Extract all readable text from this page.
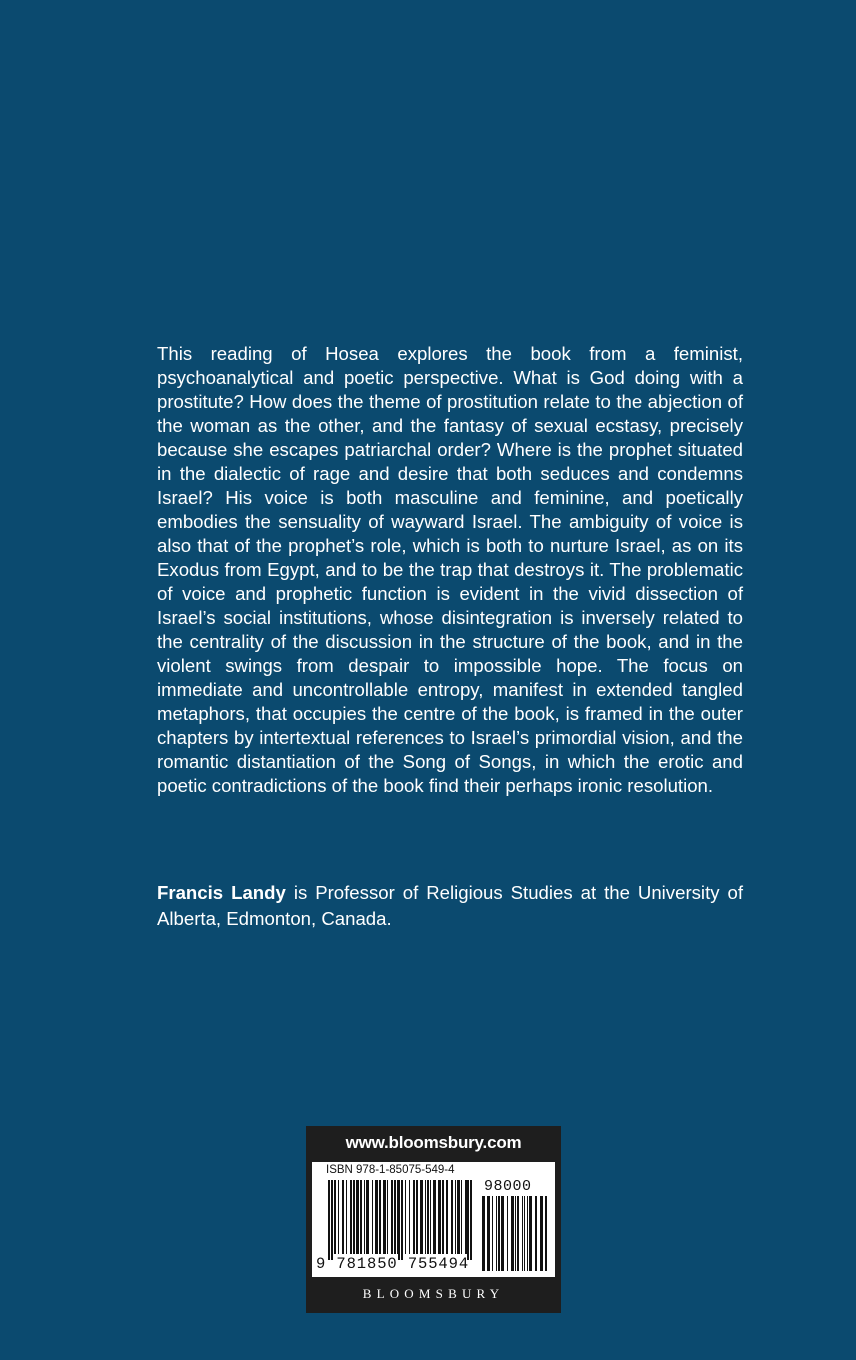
This reading of Hosea explores the book from a feminist, psychoanalytical and poetic perspective. What is God doing with a prostitute? How does the theme of prostitution relate to the abjection of the woman as the other, and the fantasy of sexual ecstasy, precisely because she escapes patriarchal order? Where is the prophet situated in the dialectic of rage and desire that both seduces and condemns Israel? His voice is both masculine and feminine, and poetically embodies the sensuality of wayward Israel. The ambiguity of voice is also that of the prophet’s role, which is both to nurture Israel, as on its Exodus from Egypt, and to be the trap that destroys it. The problematic of voice and prophetic function is evident in the vivid dissection of Israel’s social institutions, whose disintegration is inversely related to the centrality of the discussion in the structure of the book, and in the violent swings from despair to impossible hope. The focus on immediate and uncontrollable entropy, manifest in extended tangled metaphors, that occupies the centre of the book, is framed in the outer chapters by intertextual references to Israel’s primordial vision, and the romantic distantiation of the Song of Songs, in which the erotic and poetic contradictions of the book find their perhaps ironic resolution.

Francis Landy is Professor of Religious Studies at the University of Alberta, Edmonton, Canada.

www.bloomsbury.com
ISBN 978-1-85075-549-4
98000
9 781850 755494
BLOOMSBURY
